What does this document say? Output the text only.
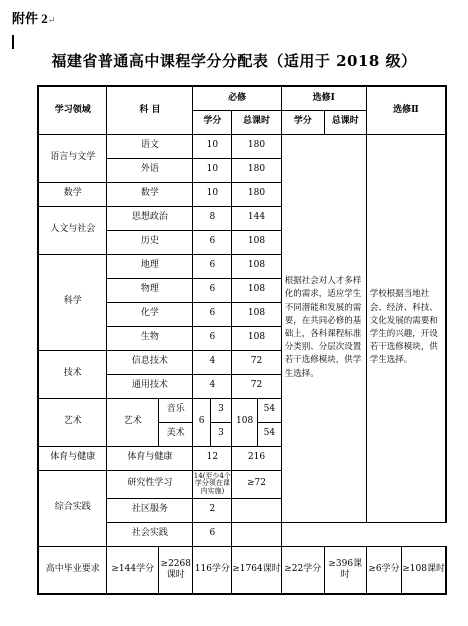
附件 2↵
福建省普通高中课程学分分配表（适用于 2018 级）
学习领域	科 目		必修				选修Ⅰ		选修Ⅱ	
			学分		总课时		学分	总课时		
语言与文学	语文		10		180		根据社会对人才多样化的需求，适应学生不同潜能和发展的需要，在共同必修的基础上，各科课程标准分类别、分层次设置若干选修模块，供学生选择。		学校根据当地社会、经济、科技、文化发展的需要和学生的兴趣，开设若干选修模块，供学生选择。	
	外语		10		180					
数学	数学		10		180					
人文与社会	思想政治		8		144					
	历史		6		108					
科学	地理		6		108					
	物理		6		108					
	化学		6		108					
	生物		6		108					
技术	信息技术		4		72					
	通用技术		4		72					
艺术	艺术	音乐	6	3	108	54				
		美术		3		54				
体育与健康	体育与健康		12		216					
综合实践	研究性学习		14(至少4个学分须在课内实施)		≥72					
	社区服务		2							
	社会实践		6							
高中毕业要求	≥144学分	≥2268课时	116学分		≥1764课时		≥22学分	≥396课时	≥6学分	≥108课时
